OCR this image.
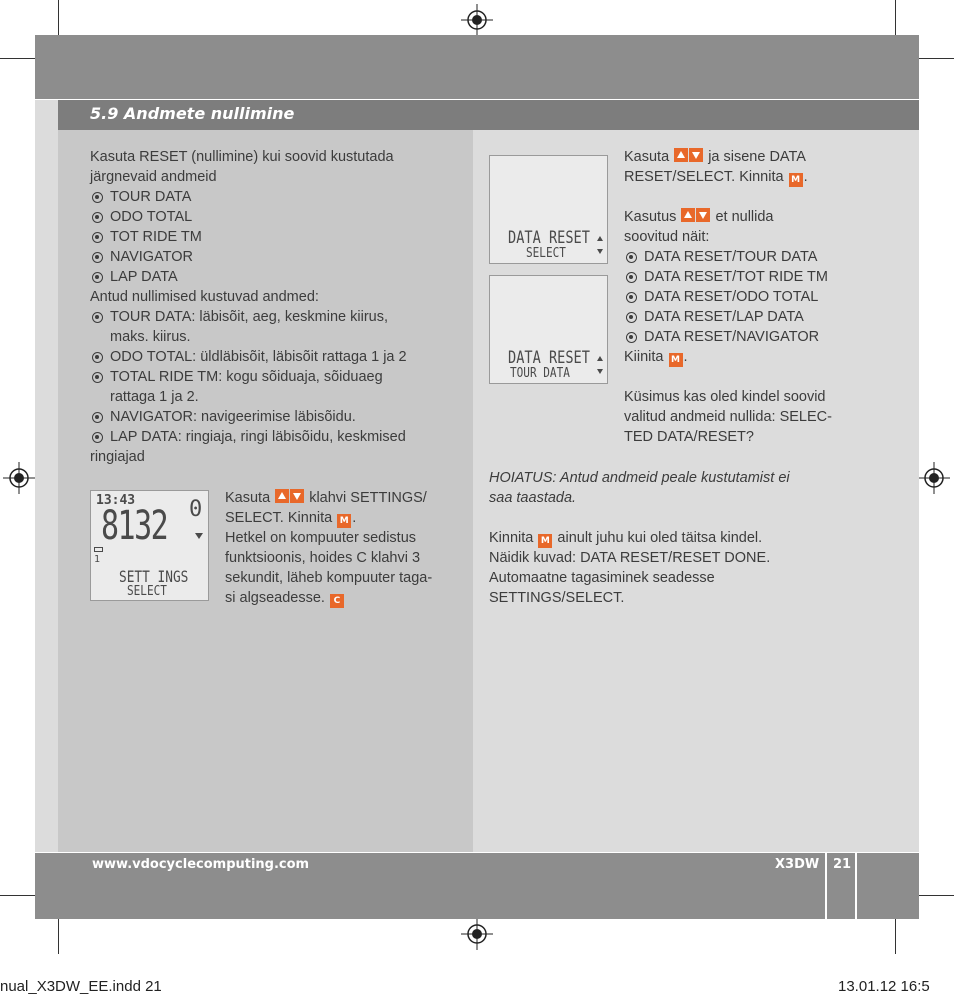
5.9 Andmete nullimine
Kasuta RESET (nullimine) kui soovid kustutada
järgnevaid andmeid
TOUR DATA
ODO TOTAL
TOT RIDE TM
NAVIGATOR
LAP DATA
Antud nullimised kustuvad andmed:
TOUR DATA: läbisõit, aeg, keskmine kiirus,
maks. kiirus.
ODO TOTAL: üldläbisõit, läbisõit rattaga 1 ja 2
TOTAL RIDE TM: kogu sõiduaja, sõiduaeg
rattaga 1 ja 2.
NAVIGATOR: navigeerimise läbisõidu.
LAP DATA: ringiaja, ringi läbisõidu, keskmised
ringiajad
13:43
8132 0
1
SETT INGS
SELECT
Kasuta  klahvi SETTINGS/
SELECT. Kinnita M .
Hetkel on kompuuter sedistus
funktsioonis, hoides C klahvi 3
sekundit, läheb kompuuter taga-
si algseadesse. C
DATA RESET
SELECT
DATA RESET
TOUR DATA
Kasuta  ja sisene DATA
RESET/SELECT. Kinnita M .

Kasutus  et nullida
soovitud näit:
DATA RESET/TOUR DATA
DATA RESET/TOT RIDE TM
DATA RESET/ODO TOTAL
DATA RESET/LAP DATA
DATA RESET/NAVIGATOR
Kiinita M .

Küsimus kas oled kindel soovid
valitud andmeid nullida: SELEC-
TED DATA/RESET?
HOIATUS: Antud andmeid peale kustutamist ei
saa taastada.

Kinnita M ainult juhu kui oled täitsa kindel.
Näidik kuvad: DATA RESET/RESET DONE.
Automaatne tagasiminek seadesse
SETTINGS/SELECT.
www.vdocyclecomputing.com	X3DW 21
nual_X3DW_EE.indd 21	13.01.12 16:5
